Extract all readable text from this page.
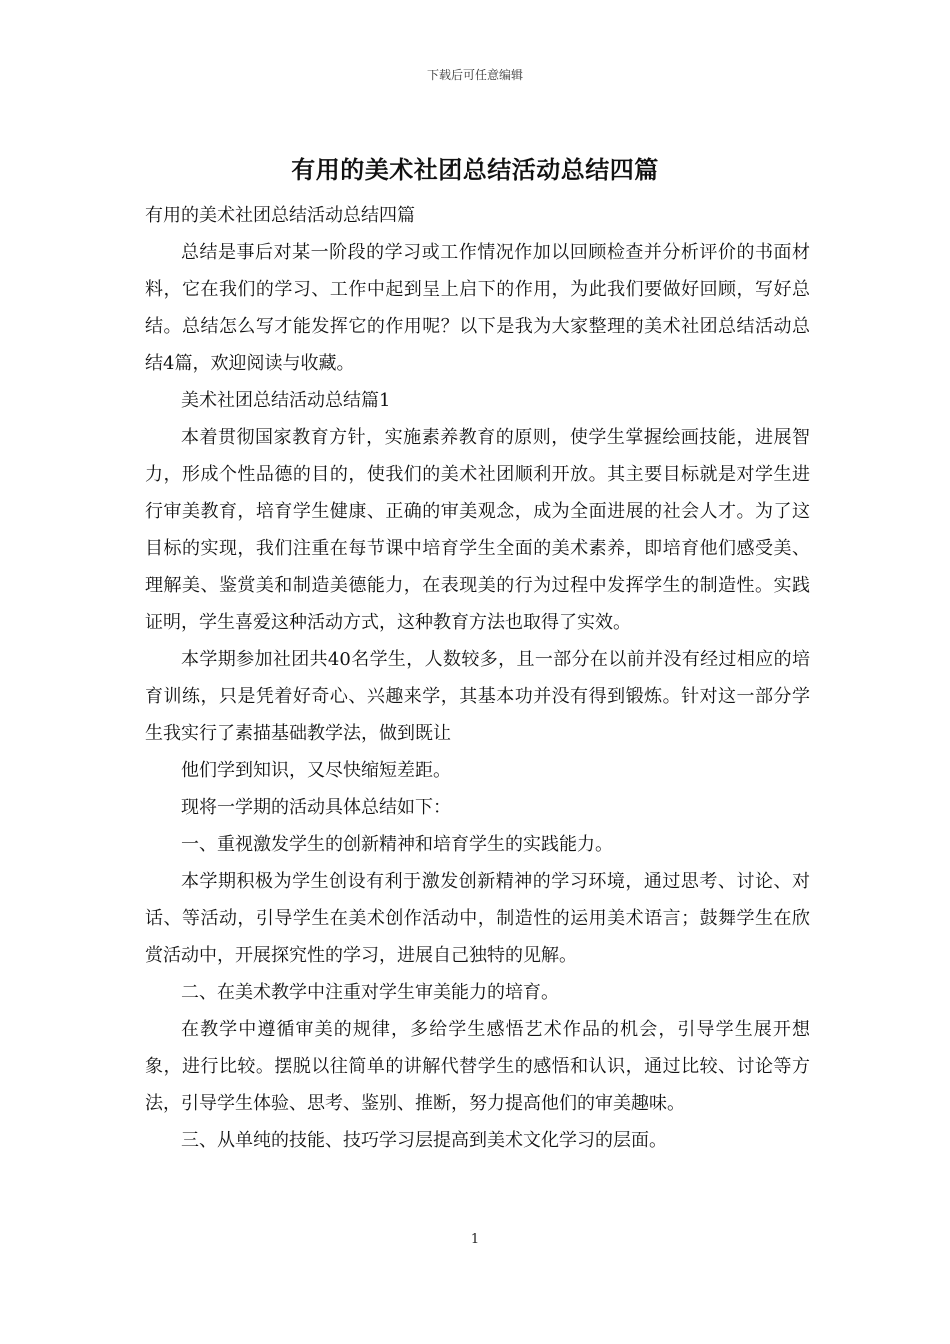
下载后可任意编辑
有用的美术社团总结活动总结四篇

有用的美术社团总结活动总结四篇

总结是事后对某一阶段的学习或工作情况作加以回顾检查并分析评价的书面材料，它在我们的学习、工作中起到呈上启下的作用，为此我们要做好回顾，写好总结。总结怎么写才能发挥它的作用呢？以下是我为大家整理的美术社团总结活动总结4篇，欢迎阅读与收藏。

美术社团总结活动总结篇1

本着贯彻国家教育方针，实施素养教育的原则，使学生掌握绘画技能，进展智力，形成个性品德的目的，使我们的美术社团顺利开放。其主要目标就是对学生进行审美教育，培育学生健康、正确的审美观念，成为全面进展的社会人才。为了这目标的实现，我们注重在每节课中培育学生全面的美术素养，即培育他们感受美、理解美、鉴赏美和制造美德能力，在表现美的行为过程中发挥学生的制造性。实践证明，学生喜爱这种活动方式，这种教育方法也取得了实效。

本学期参加社团共40名学生，人数较多，且一部分在以前并没有经过相应的培育训练，只是凭着好奇心、兴趣来学，其基本功并没有得到锻炼。针对这一部分学生我实行了素描基础教学法，做到既让

他们学到知识，又尽快缩短差距。

现将一学期的活动具体总结如下：

一、重视激发学生的创新精神和培育学生的实践能力。

本学期积极为学生创设有利于激发创新精神的学习环境，通过思考、讨论、对话、等活动，引导学生在美术创作活动中，制造性的运用美术语言；鼓舞学生在欣赏活动中，开展探究性的学习，进展自己独特的见解。

二、在美术教学中注重对学生审美能力的培育。

在教学中遵循审美的规律，多给学生感悟艺术作品的机会，引导学生展开想象，进行比较。摆脱以往简单的讲解代替学生的感悟和认识，通过比较、讨论等方法，引导学生体验、思考、鉴别、推断，努力提高他们的审美趣味。

三、从单纯的技能、技巧学习层提高到美术文化学习的层面。

1
